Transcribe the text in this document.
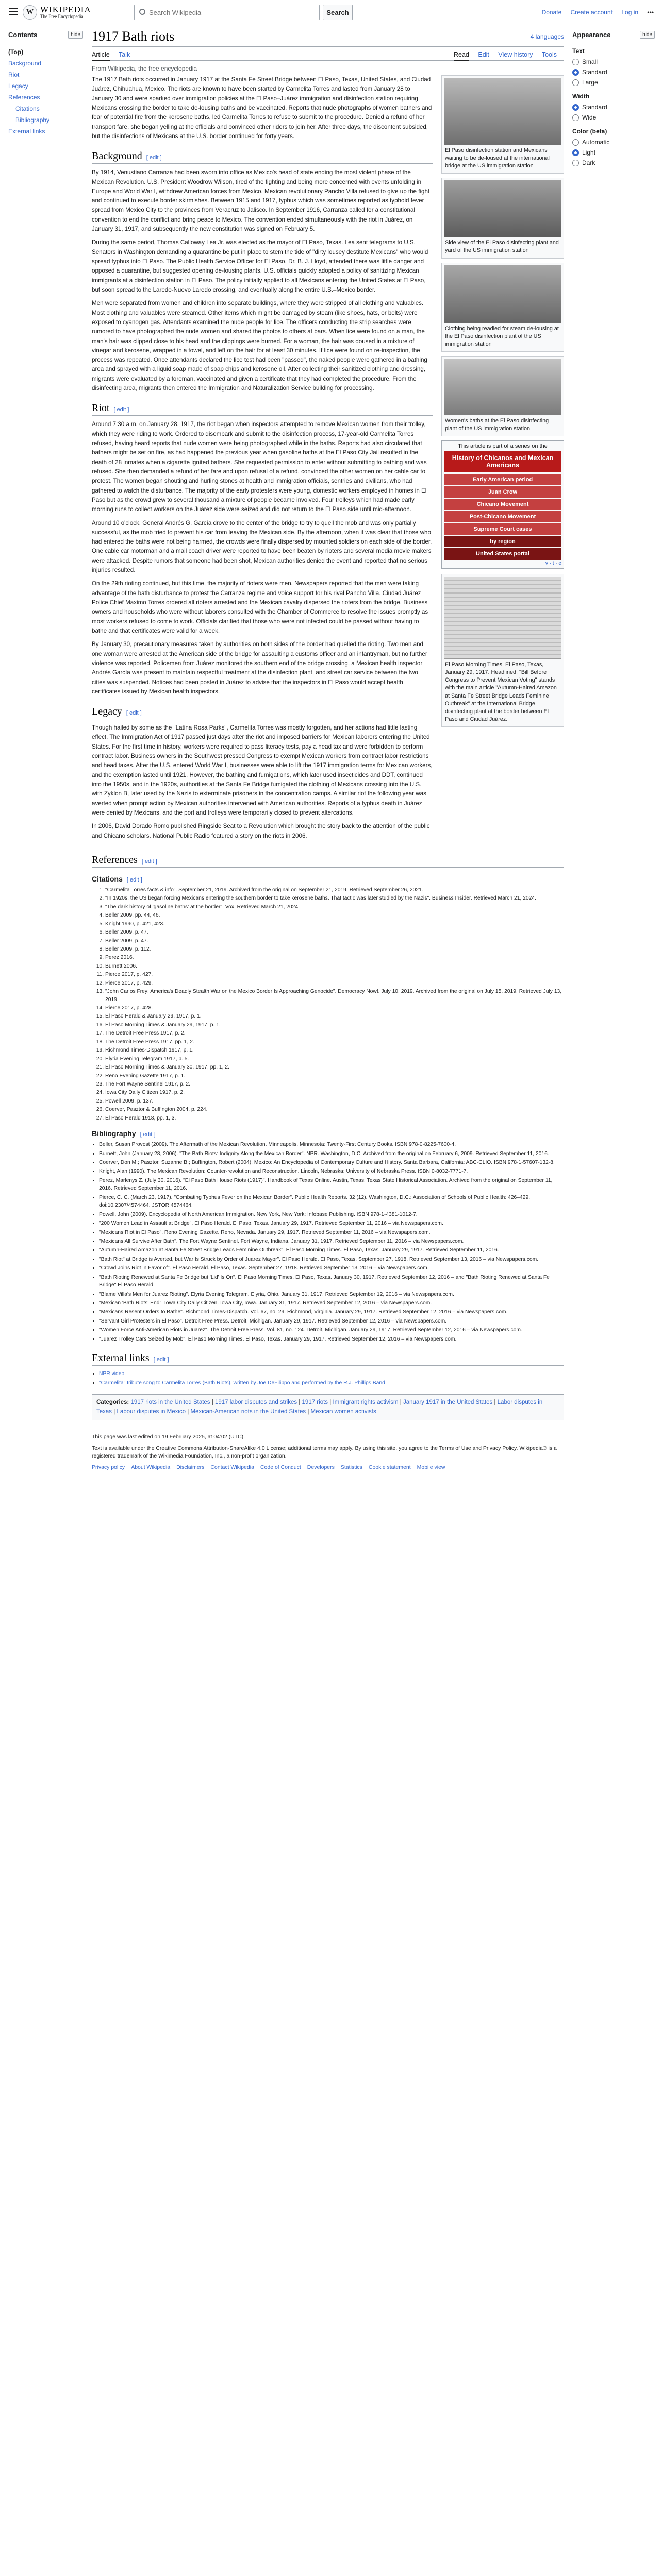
W WIKIPEDIA
The Free Encyclopedia
Search Wikipedia
Search	Donate Create account Log in •••
Contents	hide
(Top)
Background
Riot
Legacy
References
Citations
Bibliography
External links
Appearance	hide
Text
Small
Standard
Large
Width
Standard
Wide
Color (beta)
Automatic
Light
Dark
1917 Bath riots	4 languages
Article Talk	Read Edit View history Tools
From Wikipedia, the free encyclopedia

The 1917 Bath riots occurred in January 1917 at the Santa Fe Street Bridge between El Paso, Texas, United States, and Ciudad Juárez, Chihuahua, Mexico. The riots are known to have been started by Carmelita Torres and lasted from January 28 to January 30 and were sparked over immigration policies at the El Paso–Juárez immigration and disinfection station requiring Mexicans crossing the border to take de-lousing baths and be vaccinated. Reports that nude photographs of women bathers and fear of potential fire from the kerosene baths, led Carmelita Torres to refuse to submit to the procedure. Denied a refund of her transport fare, she began yelling at the officials and convinced other riders to join her. After three days, the discontent subsided, but the disinfections of Mexicans at the U.S. border continued for forty years.

Background [ edit ]

By 1914, Venustiano Carranza had been sworn into office as Mexico's head of state ending the most violent phase of the Mexican Revolution. U.S. President Woodrow Wilson, tired of the fighting and being more concerned with events unfolding in Europe and World War I, withdrew American forces from Mexico. Mexican revolutionary Pancho Villa refused to give up the fight and continued to execute border skirmishes. Between 1915 and 1917, typhus which was sometimes reported as typhoid fever spread from Mexico City to the provinces from Veracruz to Jalisco. In September 1916, Carranza called for a constitutional convention to end the conflict and bring peace to Mexico. The convention ended simultaneously with the riot in Juárez, on January 31, 1917, and subsequently the new constitution was signed on February 5.

During the same period, Thomas Calloway Lea Jr. was elected as the mayor of El Paso, Texas. Lea sent telegrams to U.S. Senators in Washington demanding a quarantine be put in place to stem the tide of "dirty lousey destitute Mexicans" who would spread typhus into El Paso. The Public Health Service Officer for El Paso, Dr. B. J. Lloyd, attended there was little danger and opposed a quarantine, but suggested opening de-lousing plants. U.S. officials quickly adopted a policy of sanitizing Mexican immigrants at a disinfection station in El Paso. The policy initially applied to all Mexicans entering the United States at El Paso, but soon spread to the Laredo-Nuevo Laredo crossing, and eventually along the entire U.S.–Mexico border.

Men were separated from women and children into separate buildings, where they were stripped of all clothing and valuables. Most clothing and valuables were steamed. Other items which might be damaged by steam (like shoes, hats, or belts) were exposed to cyanogen gas. Attendants examined the nude people for lice. The officers conducting the strip searches were rumored to have photographed the nude women and shared the photos to others at bars. When lice were found on a man, the man's hair was clipped close to his head and the clippings were burned. For a woman, the hair was doused in a mixture of vinegar and kerosene, wrapped in a towel, and left on the hair for at least 30 minutes. If lice were found on re-inspection, the process was repeated. Once attendants declared the lice test had been "passed", the naked people were gathered in a bathing area and sprayed with a liquid soap made of soap chips and kerosene oil. After collecting their sanitized clothing and dressing, migrants were evaluated by a foreman, vaccinated and given a certificate that they had completed the procedure. From the disinfecting area, migrants then entered the Immigration and Naturalization Service building for processing.

Riot [ edit ]

Around 7:30 a.m. on January 28, 1917, the riot began when inspectors attempted to remove Mexican women from their trolley, which they were riding to work. Ordered to disembark and submit to the disinfection process, 17-year-old Carmelita Torres refused, having heard reports that nude women were being photographed while in the baths. Reports had also circulated that bathers might be set on fire, as had happened the previous year when gasoline baths at the El Paso City Jail resulted in the death of 28 inmates when a cigarette ignited bathers. She requested permission to enter without submitting to bathing and was refused. She then demanded a refund of her fare and upon refusal of a refund, convinced the other women on her cable car to protest. The women began shouting and hurling stones at health and immigration officials, sentries and civilians, who had gathered to watch the disturbance. The majority of the early protesters were young, domestic workers employed in homes in El Paso but as the crowd grew to several thousand a mixture of people became involved. Four trolleys which had made early morning runs to collect workers on the Juárez side were seized and did not return to the El Paso side until mid-afternoon.

Around 10 o'clock, General Andrés G. García drove to the center of the bridge to try to quell the mob and was only partially successful, as the mob tried to prevent his car from leaving the Mexican side. By the afternoon, when it was clear that those who had entered the baths were not being harmed, the crowds were finally dispersed by mounted soldiers on each side of the border. One cable car motorman and a mail coach driver were reported to have been beaten by rioters and several media movie makers were attacked. Despite rumors that someone had been shot, Mexican authorities denied the event and reported that no serious injuries resulted.

On the 29th rioting continued, but this time, the majority of rioters were men. Newspapers reported that the men were taking advantage of the bath disturbance to protest the Carranza regime and voice support for his rival Pancho Villa. Ciudad Juárez Police Chief Maximo Torres ordered all rioters arrested and the Mexican cavalry dispersed the rioters from the bridge. Business owners and households who were without laborers consulted with the Chamber of Commerce to resolve the issues promptly as most workers refused to come to work. Officials clarified that those who were not infected could be passed without having to bathe and that certificates were valid for a week.

By January 30, precautionary measures taken by authorities on both sides of the border had quelled the rioting. Two men and one woman were arrested at the American side of the bridge for assaulting a customs officer and an infantryman, but no further violence was reported. Policemen from Juárez monitored the southern end of the bridge crossing, a Mexican health inspector Andrés García was present to maintain respectful treatment at the disinfection plant, and street car service between the two cities was suspended. Notices had been posted in Juárez to advise that the inspectors in El Paso would accept health certificates issued by Mexican health inspectors.

Legacy [ edit ]

Though hailed by some as the "Latina Rosa Parks", Carmelita Torres was mostly forgotten, and her actions had little lasting effect. The Immigration Act of 1917 passed just days after the riot and imposed barriers for Mexican laborers entering the United States. For the first time in history, workers were required to pass literacy tests, pay a head tax and were forbidden to perform contract labor. Business owners in the Southwest pressed Congress to exempt Mexican workers from contract labor restrictions and head taxes. After the U.S. entered World War I, businesses were able to lift the 1917 immigration terms for Mexican workers, and the exemption lasted until 1921. However, the bathing and fumigations, which later used insecticides and DDT, continued into the 1950s, and in the 1920s, authorities at the Santa Fe Bridge fumigated the clothing of Mexicans crossing into the U.S. with Zyklon B, later used by the Nazis to exterminate prisoners in the concentration camps. A similar riot the following year was averted when prompt action by Mexican authorities intervened with American authorities. Reports of a typhus death in Juárez were denied by Mexicans, and the port and trolleys were temporarily closed to prevent altercations.

In 2006, David Dorado Romo published Ringside Seat to a Revolution which brought the story back to the attention of the public and Chicano scholars. National Public Radio featured a story on the riots in 2006.

El Paso disinfection station and Mexicans waiting to be de-loused at the international bridge at the US immigration station
Side view of the El Paso disinfecting plant and yard of the US immigration station
Clothing being readied for steam de-lousing at the El Paso disinfection plant of the US immigration station
Women's baths at the El Paso disinfecting plant of the US immigration station
This article is part of a series on the
History of Chicanos and Mexican Americans
Early American period
Juan Crow
Chicano Movement
Post-Chicano Movement
Supreme Court cases
by region
United States portal
v · t · e
El Paso Morning Times, El Paso, Texas, January 29, 1917. Headlined, "Bill Before Congress to Prevent Mexican Voting" stands with the main article "Autumn-Haired Amazon at Santa Fe Street Bridge Leads Feminine Outbreak" at the International Bridge disinfecting plant at the border between El Paso and Ciudad Juárez.
References [ edit ]
Citations [ edit ]
1. "Carmelita Torres facts & info". September 21, 2019. Archived from the original on September 21, 2019. Retrieved September 26, 2021.
2. "In 1920s, the US began forcing Mexicans entering the southern border to take kerosene baths. That tactic was later studied by the Nazis". Business Insider. Retrieved March 21, 2024.
3. "The dark history of 'gasoline baths' at the border". Vox. Retrieved March 21, 2024.
4. Beller 2009, pp. 44, 46.
5. Knight 1990, p. 421, 423.
6. Beller 2009, p. 47.
7. Beller 2009, p. 47.
8. Beller 2009, p. 112.
9. Perez 2016.
10. Burnett 2006.
11. Pierce 2017, p. 427.
12. Pierce 2017, p. 429.
13. "John Carlos Frey: America's Deadly Stealth War on the Mexico Border Is Approaching Genocide". Democracy Now!. July 10, 2019. Archived from the original on July 15, 2019. Retrieved July 13, 2019.
14. Pierce 2017, p. 428.
15. El Paso Herald & January 29, 1917, p. 1.
16. El Paso Morning Times & January 29, 1917, p. 1.
17. The Detroit Free Press 1917, p. 2.
18. The Detroit Free Press 1917, pp. 1, 2.
19. Richmond Times-Dispatch 1917, p. 1.
20. Elyria Evening Telegram 1917, p. 5.
21. El Paso Morning Times & January 30, 1917, pp. 1, 2.
22. Reno Evening Gazette 1917, p. 1.
23. The Fort Wayne Sentinel 1917, p. 2.
24. Iowa City Daily Citizen 1917, p. 2.
25. Powell 2009, p. 137.
26. Coerver, Pasztor & Buffington 2004, p. 224.
27. El Paso Herald 1918, pp. 1, 3.
Bibliography [ edit ]
• Beller, Susan Provost (2009). The Aftermath of the Mexican Revolution. Minneapolis, Minnesota: Twenty-First Century Books. ISBN 978-0-8225-7600-4.
• Burnett, John (January 28, 2006). "The Bath Riots: Indignity Along the Mexican Border". NPR. Washington, D.C. Archived from the original on February 6, 2009. Retrieved September 11, 2016.
• Coerver, Don M.; Pasztor, Suzanne B.; Buffington, Robert (2004). Mexico: An Encyclopedia of Contemporary Culture and History. Santa Barbara, California: ABC-CLIO. ISBN 978-1-57607-132-8.
• Knight, Alan (1990). The Mexican Revolution: Counter-revolution and Reconstruction. Lincoln, Nebraska: University of Nebraska Press. ISBN 0-8032-7771-7.
• Perez, Marlenys Z. (July 30, 2016). "El Paso Bath House Riots (1917)". Handbook of Texas Online. Austin, Texas: Texas State Historical Association. Archived from the original on September 11, 2016. Retrieved September 11, 2016.
• Pierce, C. C. (March 23, 1917). "Combating Typhus Fever on the Mexican Border". Public Health Reports. 32 (12). Washington, D.C.: Association of Schools of Public Health: 426–429. doi:10.2307/4574464. JSTOR 4574464.
• Powell, John (2009). Encyclopedia of North American Immigration. New York, New York: Infobase Publishing. ISBN 978-1-4381-1012-7.
• "200 Women Lead in Assault at Bridge". El Paso Herald. El Paso, Texas. January 29, 1917. Retrieved September 11, 2016 – via Newspapers.com.
• "Mexicans Riot in El Paso". Reno Evening Gazette. Reno, Nevada. January 29, 1917. Retrieved September 11, 2016 – via Newspapers.com.
• "Mexicans All Survive After Bath". The Fort Wayne Sentinel. Fort Wayne, Indiana. January 31, 1917. Retrieved September 11, 2016 – via Newspapers.com.
• "Autumn-Haired Amazon at Santa Fe Street Bridge Leads Feminine Outbreak". El Paso Morning Times. El Paso, Texas. January 29, 1917. Retrieved September 11, 2016.
• "Bath Riot" at Bridge is Averted, but War Is Struck by Order of Juarez Mayor". El Paso Herald. El Paso, Texas. September 27, 1918. Retrieved September 13, 2016 – via Newspapers.com.
• "Crowd Joins Riot in Favor of". El Paso Herald. El Paso, Texas. September 27, 1918. Retrieved September 13, 2016 – via Newspapers.com.
• "Bath Rioting Renewed at Santa Fe Bridge but 'Lid' Is On". El Paso Morning Times. El Paso, Texas. January 30, 1917. Retrieved September 12, 2016 – and "Bath Rioting Renewed at Santa Fe Bridge" El Paso Herald.
• "Blame Villa's Men for Juarez Rioting". Elyria Evening Telegram. Elyria, Ohio. January 31, 1917. Retrieved September 12, 2016 – via Newspapers.com.
• "Mexican 'Bath Riots' End". Iowa City Daily Citizen. Iowa City, Iowa. January 31, 1917. Retrieved September 12, 2016 – via Newspapers.com.
• "Mexicans Resent Orders to Bathe". Richmond Times-Dispatch. Vol. 67, no. 29. Richmond, Virginia. January 29, 1917. Retrieved September 12, 2016 – via Newspapers.com.
• "Servant Girl Protesters in El Paso". Detroit Free Press. Detroit, Michigan. January 29, 1917. Retrieved September 12, 2016 – via Newspapers.com.
• "Women Force Anti-American Riots in Juarez". The Detroit Free Press. Vol. 81, no. 124. Detroit, Michigan. January 29, 1917. Retrieved September 12, 2016 – via Newspapers.com.
• "Juarez Trolley Cars Seized by Mob". El Paso Morning Times. El Paso, Texas. January 29, 1917. Retrieved September 12, 2016 – via Newspapers.com.
External links [ edit ]
• NPR video
• "Carmelita" tribute song to Carmelita Torres (Bath Riots), written by Joe DeFilippo and performed by the R.J. Phillips Band
Categories: 1917 riots in the United States | 1917 labor disputes and strikes | 1917 riots | Immigrant rights activism | January 1917 in the United States | Labor disputes in Texas | Labour disputes in Mexico | Mexican-American riots in the United States | Mexican women activists
This page was last edited on 19 February 2025, at 04:02 (UTC).
Text is available under the Creative Commons Attribution-ShareAlike 4.0 License; additional terms may apply. By using this site, you agree to the Terms of Use and Privacy Policy. Wikipedia® is a registered trademark of the Wikimedia Foundation, Inc., a non-profit organization.
Privacy policy About Wikipedia Disclaimers Contact Wikipedia Code of Conduct Developers Statistics Cookie statement Mobile view
